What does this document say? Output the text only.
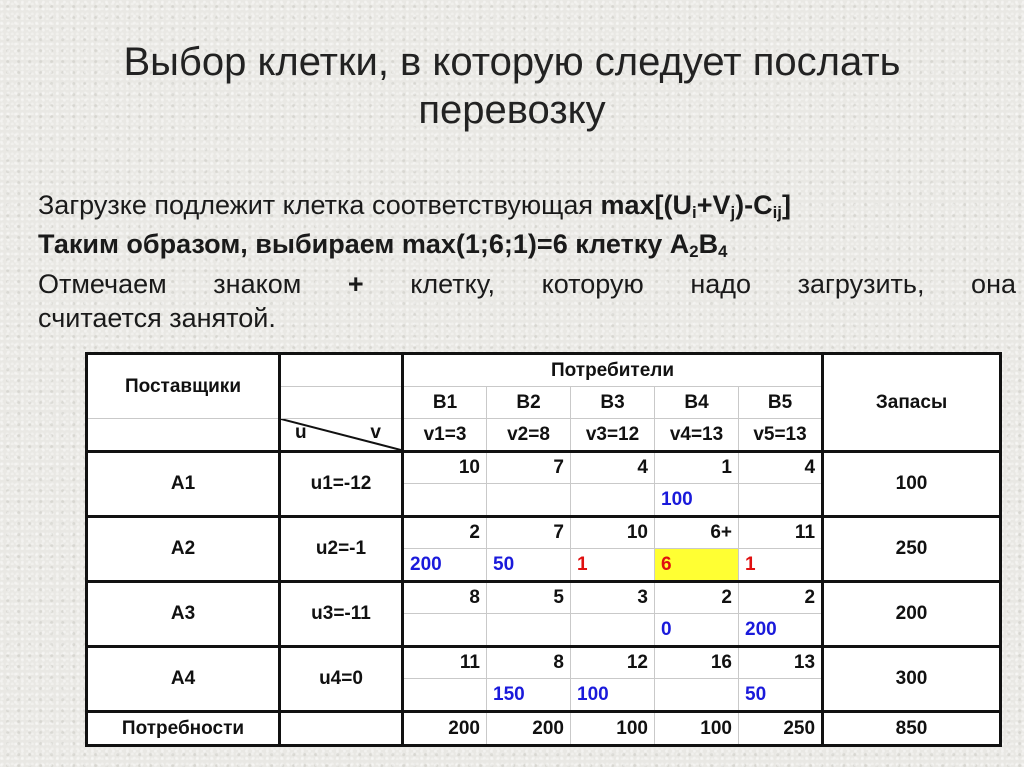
Выбор клетки, в которую следует послать перевозку
Загрузке подлежит клетка соответствующая $\max[(U_i+V_j)-C_{ij}]$
Таким образом, выбираем max(1;6;1)=6 клетку $A_2B_4$
Отмечаем знаком + клетку, которую надо загрузить, она
считается занятой.
Поставщики		Потребители					Запасы
		B1	B2	B3	B4	B5	

	u v	v1=3	v2=8	v3=12	v4=13	v5=13	
A1	u1=-12	10	7	4	1	4	100
					100		
A2	u2=-1	2	7	10	6+	11	250
		200	50	1	6	1	
A3	u3=-11	8	5	3	2	2	200
					0	200	
A4	u4=0	11	8	12	16	13	300
			150	100		50	
Потребности		200	200	100	100	250	850
